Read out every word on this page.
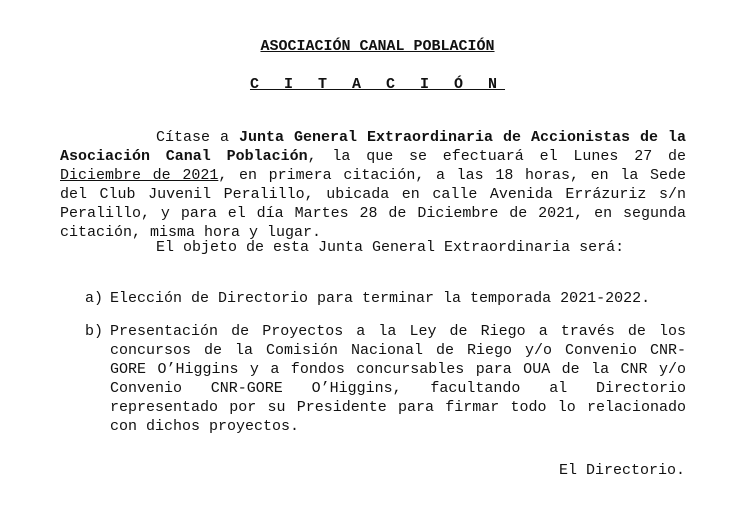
ASOCIACIÓN CANAL POBLACIÓN

C I T A C I Ó N

Cítase a Junta General Extraordinaria de Accionistas de la Asociación Canal Población, la que se efectuará el Lunes 27 de Diciembre de 2021, en primera citación, a las 18 horas, en la Sede del Club Juvenil Peralillo, ubicada en calle Avenida Errázuriz s/n Peralillo, y para el día Martes 28 de Diciembre de 2021, en segunda citación, misma hora y lugar.

El objeto de esta Junta General Extraordinaria será:

a) Elección de Directorio para terminar la temporada 2021-2022.
b) Presentación de Proyectos a la Ley de Riego a través de los concursos de la Comisión Nacional de Riego y/o Convenio CNR-GORE O’Higgins y a fondos concursables para OUA de la CNR y/o Convenio CNR-GORE O’Higgins, facultando al Directorio representado por su Presidente para firmar todo lo relacionado con dichos proyectos.

El Directorio.
